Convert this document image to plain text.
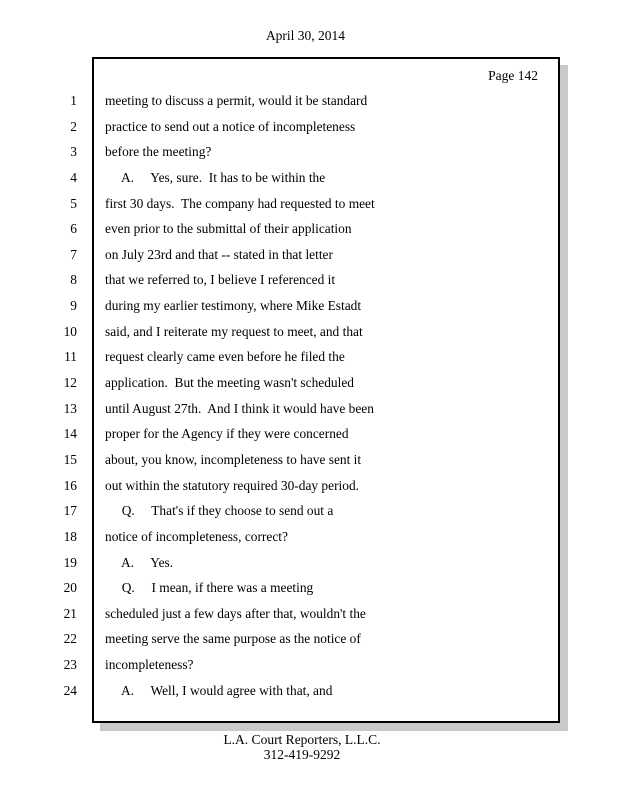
April 30, 2014
Page 142
1 meeting to discuss a permit, would it be standard
2 practice to send out a notice of incompleteness
3 before the meeting?
4 A.     Yes, sure.  It has to be within the
5 first 30 days.  The company had requested to meet
6 even prior to the submittal of their application
7 on July 23rd and that -- stated in that letter
8 that we referred to, I believe I referenced it
9 during my earlier testimony, where Mike Estadt
10 said, and I reiterate my request to meet, and that
11 request clearly came even before he filed the
12 application.  But the meeting wasn't scheduled
13 until August 27th.  And I think it would have been
14 proper for the Agency if they were concerned
15 about, you know, incompleteness to have sent it
16 out within the statutory required 30-day period.
17 Q.     That's if they choose to send out a
18 notice of incompleteness, correct?
19 A.     Yes.
20 Q.     I mean, if there was a meeting
21 scheduled just a few days after that, wouldn't the
22 meeting serve the same purpose as the notice of
23 incompleteness?
24 A.     Well, I would agree with that, and
L.A. Court Reporters, L.L.C.
312-419-9292
